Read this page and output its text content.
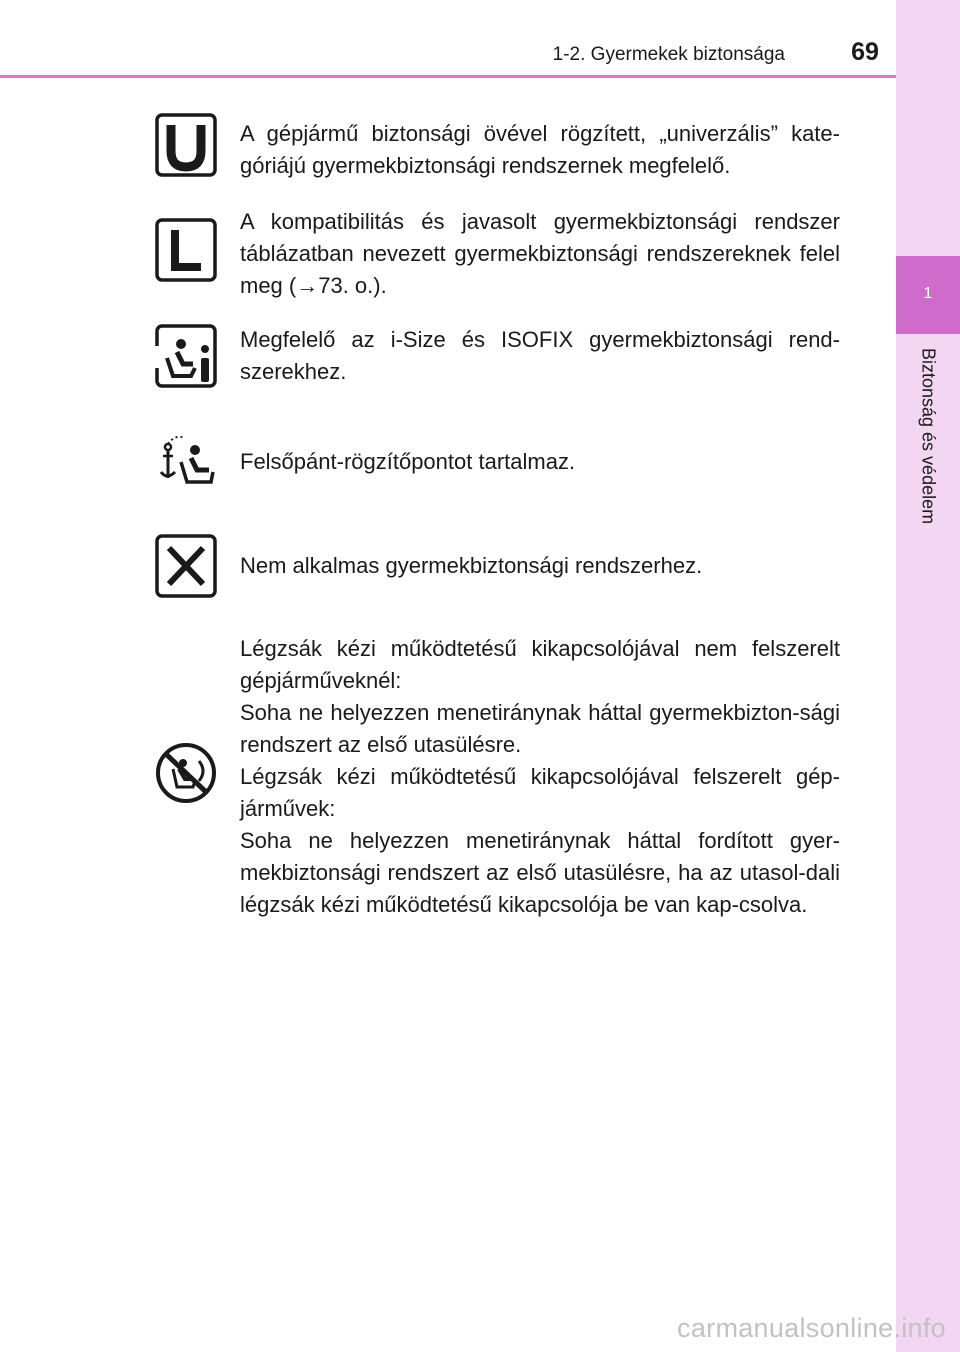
1-2. Gyermekek biztonsága	69
1
Biztonság és védelem

A gépjármű biztonsági övével rögzített, „univerzális” kate-góriájú gyermekbiztonsági rendszernek megfelelő.

A kompatibilitás és javasolt gyermekbiztonsági rendszer táblázatban nevezett gyermekbiztonsági rendszereknek felel meg (→73. o.).

Megfelelő az i-Size és ISOFIX gyermekbiztonsági rend-szerekhez.

Felsőpánt-rögzítőpontot tartalmaz.

Nem alkalmas gyermekbiztonsági rendszerhez.

Légzsák kézi működtetésű kikapcsolójával nem felszerelt gépjárműveknél:

Soha ne helyezzen menetiránynak háttal gyermekbizton-sági rendszert az első utasülésre.

Légzsák kézi működtetésű kikapcsolójával felszerelt gép-járművek:

Soha ne helyezzen menetiránynak háttal fordított gyer-mekbiztonsági rendszert az első utasülésre, ha az utasol-dali légzsák kézi működtetésű kikapcsolója be van kap-csolva.

carmanualsonline.info
